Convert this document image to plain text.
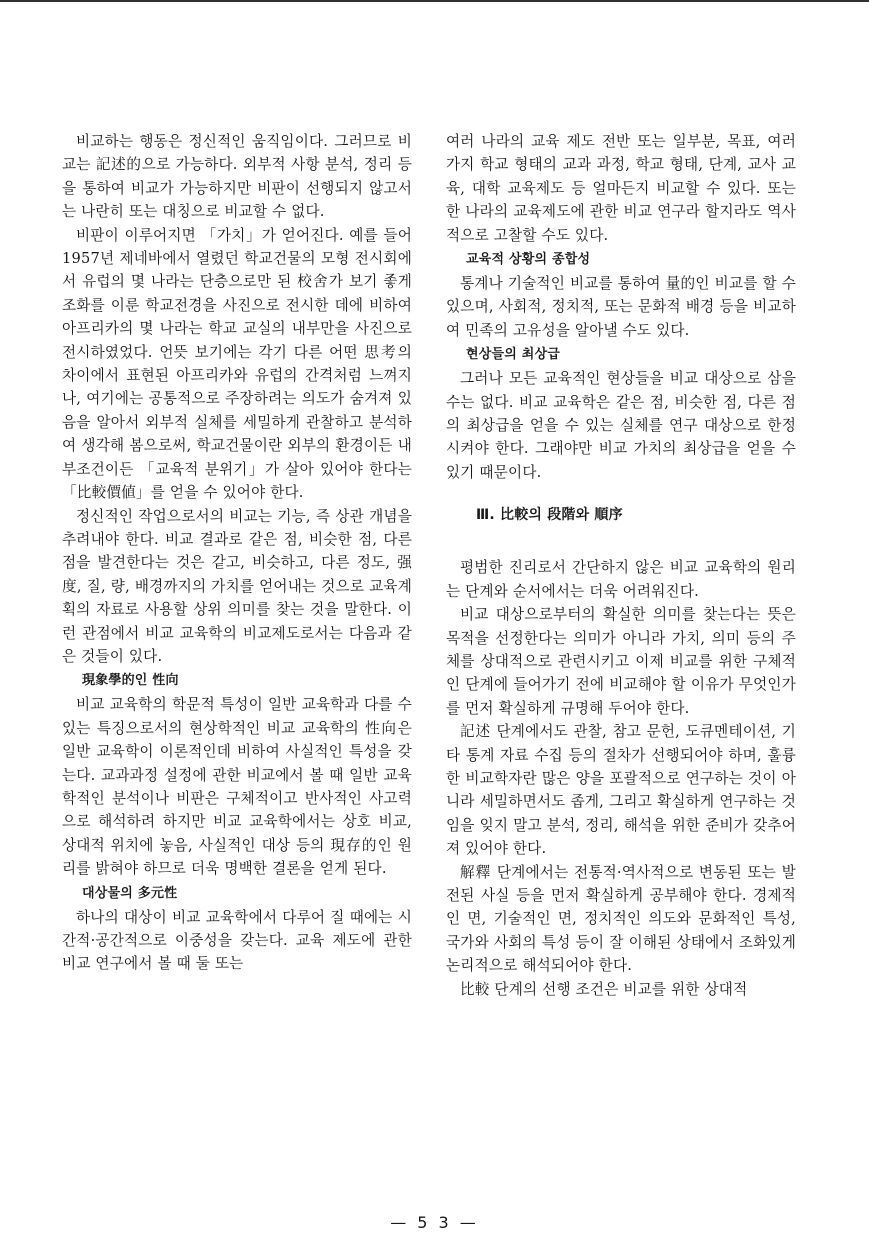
비교하는 행동은 정신적인 움직임이다. 그러므로 비교는 記述的으로 가능하다. 외부적 사항 분석, 정리 등을 통하여 비교가 가능하지만 비판이 선행되지 않고서는 나란히 또는 대칭으로 비교할 수 없다.

비판이 이루어지면 「가치」가 얻어진다. 예를 들어 1957년 제네바에서 열렸던 학교건물의 모형 전시회에서 유럽의 몇 나라는 단층으로만 된 校舍가 보기 좋게 조화를 이룬 학교전경을 사진으로 전시한 데에 비하여 아프리카의 몇 나라는 학교 교실의 내부만을 사진으로 전시하였었다. 언뜻 보기에는 각기 다른 어떤 思考의 차이에서 표현된 아프리카와 유럽의 간격처럼 느껴지나, 여기에는 공통적으로 주장하려는 의도가 숨겨져 있음을 알아서 외부적 실체를 세밀하게 관찰하고 분석하여 생각해 봄으로써, 학교건물이란 외부의 환경이든 내부조건이든 「교육적 분위기」가 살아 있어야 한다는 「比較價値」를 얻을 수 있어야 한다.

정신적인 작업으로서의 비교는 기능, 즉 상관 개념을 추려내야 한다. 비교 결과로 같은 점, 비슷한 점, 다른 점을 발견한다는 것은 같고, 비슷하고, 다른 정도, 强度, 질, 량, 배경까지의 가치를 얻어내는 것으로 교육계획의 자료로 사용할 상위 의미를 찾는 것을 말한다. 이런 관점에서 비교 교육학의 비교제도로서는 다음과 같은 것들이 있다.

現象學的인 性向

비교 교육학의 학문적 특성이 일반 교육학과 다를 수 있는 특징으로서의 현상학적인 비교 교육학의 性向은 일반 교육학이 이론적인데 비하여 사실적인 특성을 갖는다. 교과과정 설정에 관한 비교에서 볼 때 일반 교육학적인 분석이나 비판은 구체적이고 반사적인 사고력으로 해석하려 하지만 비교 교육학에서는 상호 비교, 상대적 위치에 놓음, 사실적인 대상 등의 現存的인 원리를 밝혀야 하므로 더욱 명백한 결론을 얻게 된다.

대상물의 多元性

하나의 대상이 비교 교육학에서 다루어 질 때에는 시간적·공간적으로 이중성을 갖는다. 교육 제도에 관한 비교 연구에서 볼 때 둘 또는

여러 나라의 교육 제도 전반 또는 일부분, 목표, 여러 가지 학교 형태의 교과 과정, 학교 형태, 단계, 교사 교육, 대학 교육제도 등 얼마든지 비교할 수 있다. 또는 한 나라의 교육제도에 관한 비교 연구라 할지라도 역사적으로 고찰할 수도 있다.

교육적 상황의 종합성

통계나 기술적인 비교를 통하여 量的인 비교를 할 수 있으며, 사회적, 정치적, 또는 문화적 배경 등을 비교하여 민족의 고유성을 알아낼 수도 있다.

현상들의 최상급

그러나 모든 교육적인 현상들을 비교 대상으로 삼을 수는 없다. 비교 교육학은 같은 점, 비슷한 점, 다른 점의 최상급을 얻을 수 있는 실체를 연구 대상으로 한정시켜야 한다. 그래야만 비교 가치의 최상급을 얻을 수 있기 때문이다.

Ⅲ. 比較의 段階와 順序

평범한 진리로서 간단하지 않은 비교 교육학의 원리는 단계와 순서에서는 더욱 어려워진다.

비교 대상으로부터의 확실한 의미를 찾는다는 뜻은 목적을 선정한다는 의미가 아니라 가치, 의미 등의 주체를 상대적으로 관련시키고 이제 비교를 위한 구체적인 단계에 들어가기 전에 비교해야 할 이유가 무엇인가를 먼저 확실하게 규명해 두어야 한다.

記述 단계에서도 관찰, 참고 문헌, 도큐멘테이션, 기타 통계 자료 수집 등의 절차가 선행되어야 하며, 훌륭한 비교학자란 많은 양을 포괄적으로 연구하는 것이 아니라 세밀하면서도 좁게, 그리고 확실하게 연구하는 것임을 잊지 말고 분석, 정리, 해석을 위한 준비가 갖추어져 있어야 한다.

解釋 단계에서는 전통적·역사적으로 변동된 또는 발전된 사실 등을 먼저 확실하게 공부해야 한다. 경제적인 면, 기술적인 면, 정치적인 의도와 문화적인 특성, 국가와 사회의 특성 등이 잘 이해된 상태에서 조화있게 논리적으로 해석되어야 한다.

比較 단계의 선행 조건은 비교를 위한 상대적

— 5 3 —
